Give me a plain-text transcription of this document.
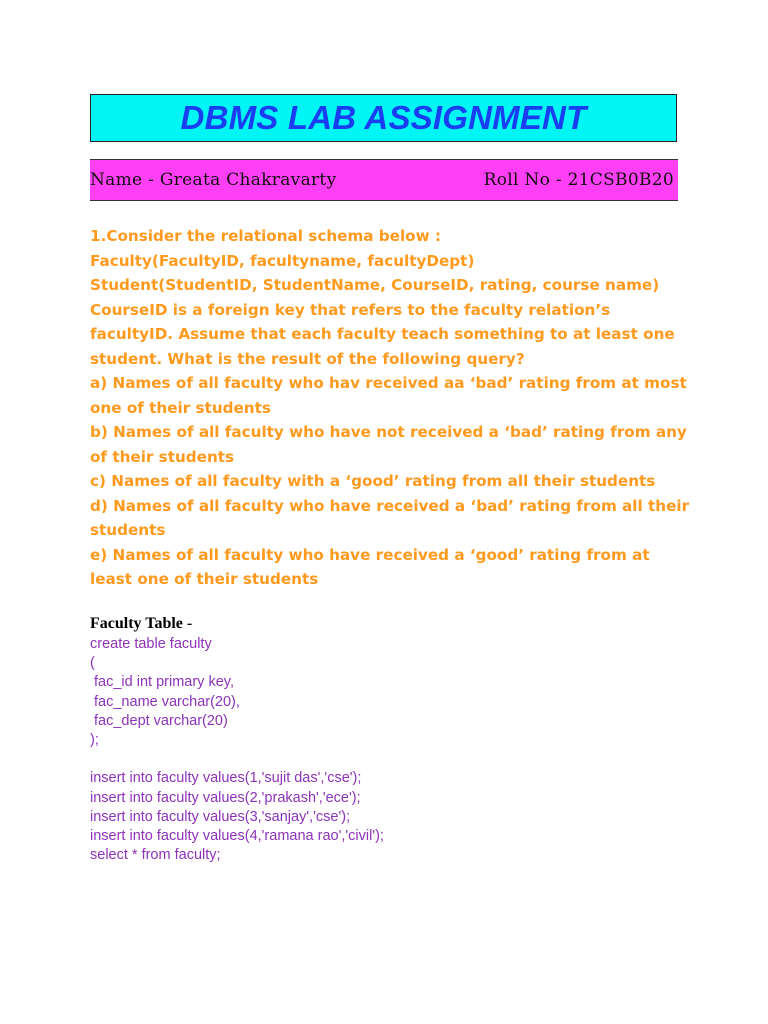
DBMS LAB ASSIGNMENT
Name - Greata Chakravarty	Roll No - 21CSB0B20
1.Consider the relational schema below :
Faculty(FacultyID, facultyname, facultyDept)
Student(StudentID, StudentName, CourseID, rating, course name)
CourseID is a foreign key that refers to the faculty relation’s
facultyID. Assume that each faculty teach something to at least one
student. What is the result of the following query?
a) Names of all faculty who hav received aa ‘bad’ rating from at most
one of their students
b) Names of all faculty who have not received a ‘bad’ rating from any
of their students
c) Names of all faculty with a ‘good’ rating from all their students
d) Names of all faculty who have received a ‘bad’ rating from all their
students
e) Names of all faculty who have received a ‘good’ rating from at
least one of their students
Faculty Table -
create table faculty
(
fac_id int primary key,
fac_name varchar(20),
fac_dept varchar(20)
);
insert into faculty values(1,'sujit das','cse');
insert into faculty values(2,'prakash','ece');
insert into faculty values(3,'sanjay','cse');
insert into faculty values(4,'ramana rao','civil');
select * from faculty;
